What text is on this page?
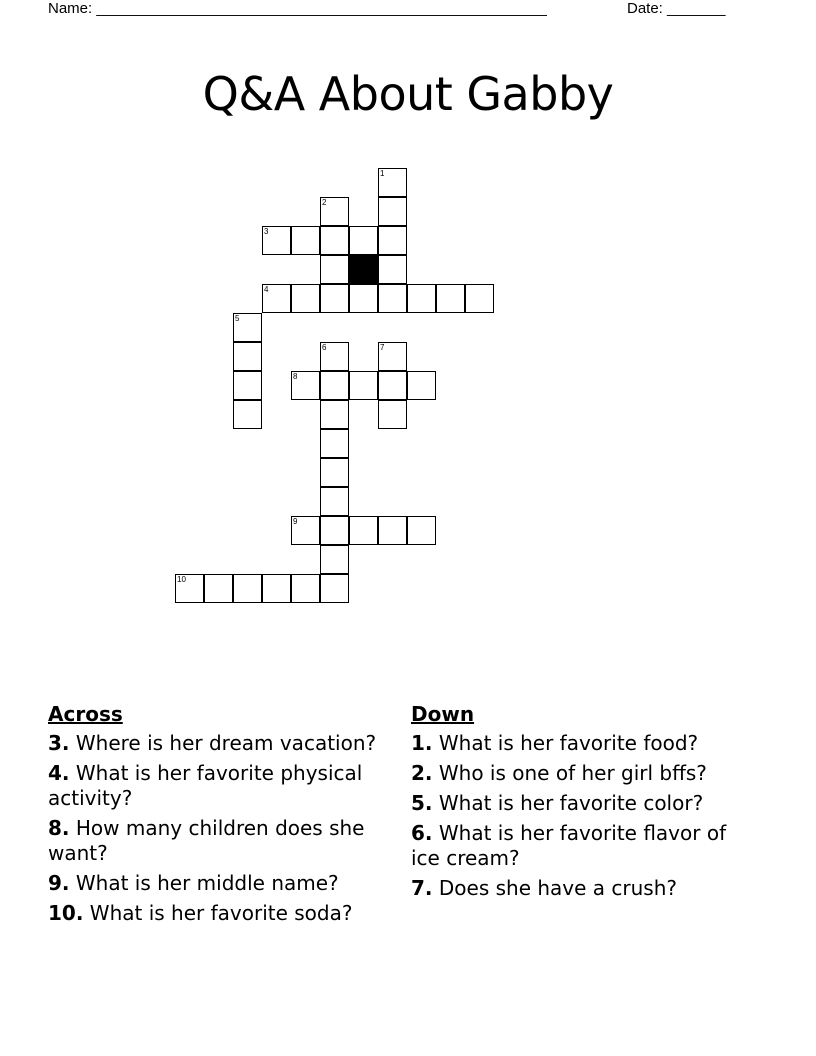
Name: ______________________________________________________	Date: _______
Q&A About Gabby
1
2
3
4
5
6	7
8
9
10
Across
3. Where is her dream vacation?
4. What is her favorite physical activity?
8. How many children does she want?
9. What is her middle name?
10. What is her favorite soda?
Down
1. What is her favorite food?
2. Who is one of her girl bffs?
5. What is her favorite color?
6. What is her favorite flavor of ice cream?
7. Does she have a crush?
